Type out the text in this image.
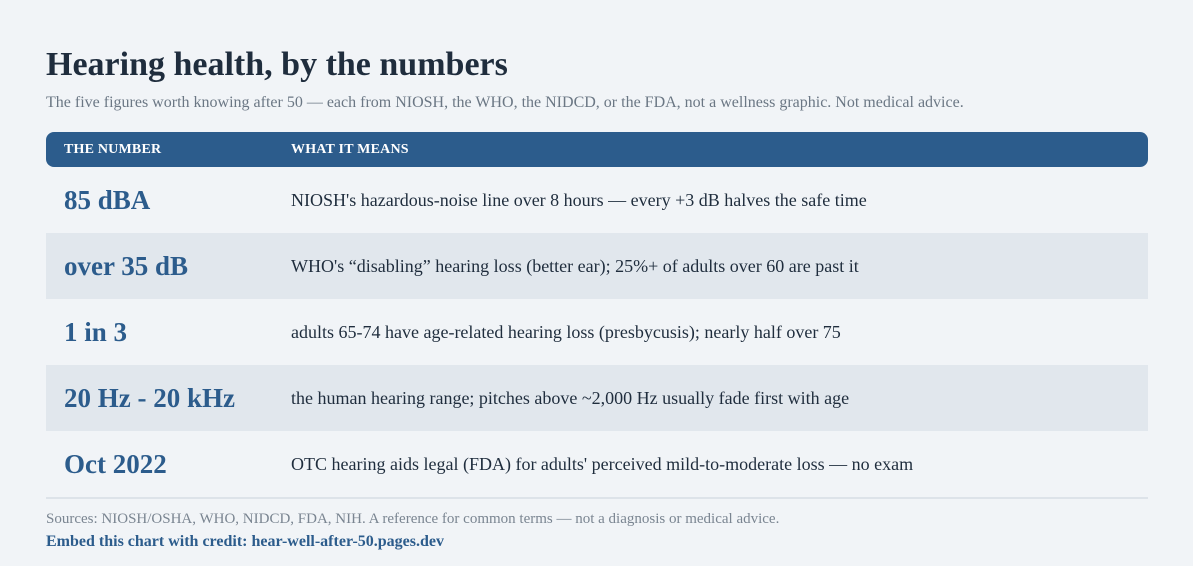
Hearing health, by the numbers

The five figures worth knowing after 50 — each from NIOSH, the WHO, the NIDCD, or the FDA, not a wellness graphic. Not medical advice.

THE NUMBER	WHAT IT MEANS
85 dBA	NIOSH's hazardous-noise line over 8 hours — every +3 dB halves the safe time
over 35 dB	WHO's “disabling” hearing loss (better ear); 25%+ of adults over 60 are past it
1 in 3	adults 65-74 have age-related hearing loss (presbycusis); nearly half over 75
20 Hz - 20 kHz	the human hearing range; pitches above ~2,000 Hz usually fade first with age
Oct 2022	OTC hearing aids legal (FDA) for adults' perceived mild-to-moderate loss — no exam
Sources: NIOSH/OSHA, WHO, NIDCD, FDA, NIH. A reference for common terms — not a diagnosis or medical advice.
Embed this chart with credit: hear-well-after-50.pages.dev
